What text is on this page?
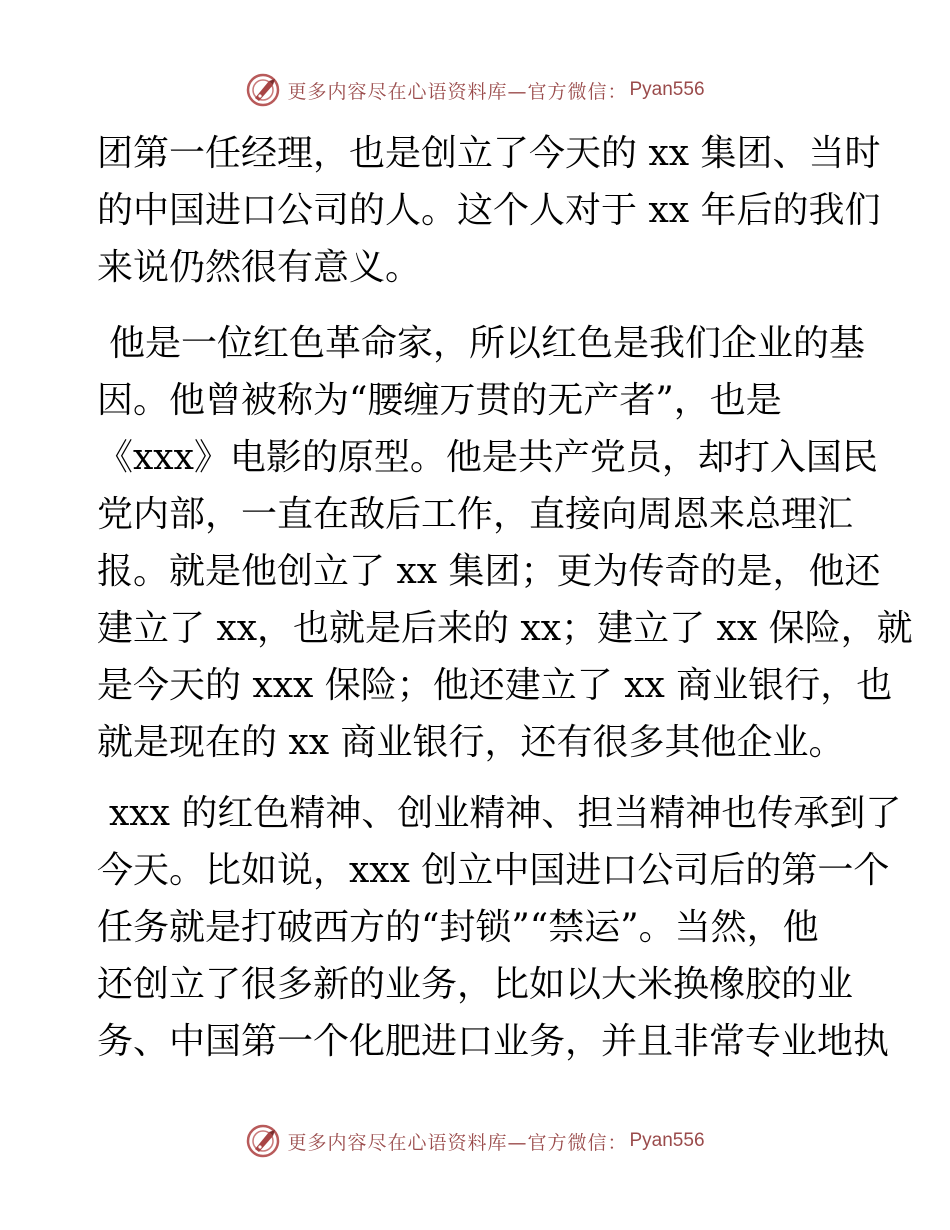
更多内容尽在心语资料库—官方微信： Pyan556

团第一任经理，也是创立了今天的 xx 集团、当时
的中国进口公司的人。这个人对于 xx 年后的我们
来说仍然很有意义。

他是一位红色革命家，所以红色是我们企业的基
因。他曾被称为“腰缠万贯的无产者”，也是
《xxx》电影的原型。他是共产党员，却打入国民
党内部，一直在敌后工作，直接向周恩来总理汇
报。就是他创立了 xx 集团；更为传奇的是，他还
建立了 xx，也就是后来的 xx；建立了 xx 保险，就
是今天的 xxx 保险；他还建立了 xx 商业银行，也
就是现在的 xx 商业银行，还有很多其他企业。

xxx 的红色精神、创业精神、担当精神也传承到了
今天。比如说，xxx 创立中国进口公司后的第一个
任务就是打破西方的“封锁”“禁运”。当然，他
还创立了很多新的业务，比如以大米换橡胶的业
务、中国第一个化肥进口业务，并且非常专业地执

更多内容尽在心语资料库—官方微信： Pyan556
